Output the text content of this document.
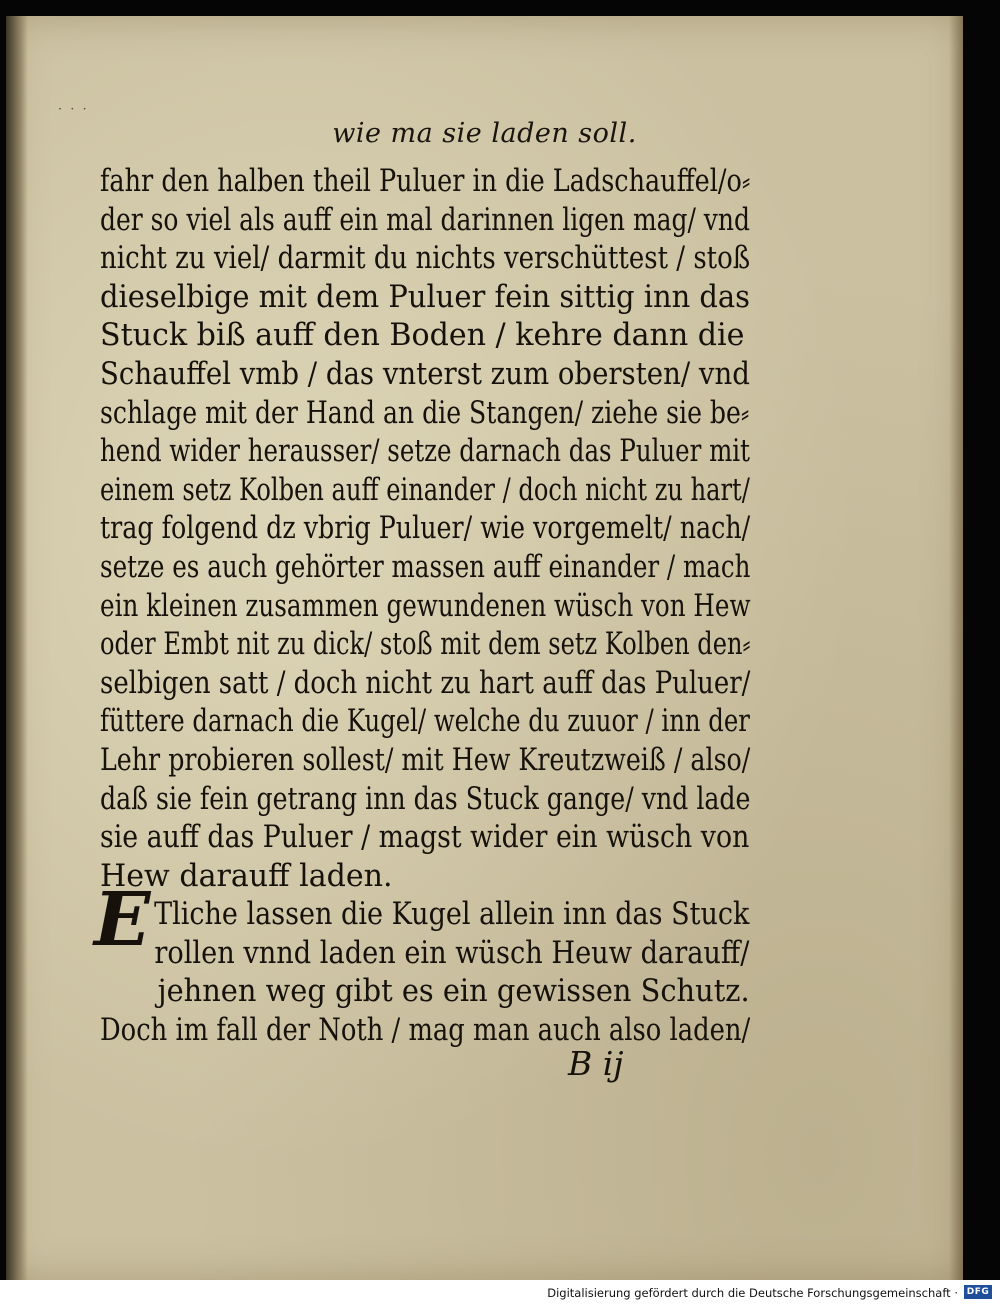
· · ·
wie ma sie laden soll.
E
fahr den halben theil Puluer in die Ladschauffel/o⸗
der so viel als auff ein mal darinnen ligen mag/ vnd
nicht zu viel/ darmit du nichts verschüttest / stoß
dieselbige mit dem Puluer fein sittig inn das
Stuck biß auff den Boden / kehre dann die
Schauffel vmb / das vnterst zum obersten/ vnd
schlage mit der Hand an die Stangen/ ziehe sie be⸗
hend wider herausser/ setze darnach das Puluer mit
einem setz Kolben auff einander / doch nicht zu hart/
trag folgend dz vbrig Puluer/ wie vorgemelt/ nach/
setze es auch gehörter massen auff einander / mach
ein kleinen zusammen gewundenen wüsch von Hew
oder Embt nit zu dick/ stoß mit dem setz Kolben den⸗
selbigen satt / doch nicht zu hart auff das Puluer/
füttere darnach die Kugel/ welche du zuuor / inn der
Lehr probieren sollest/ mit Hew Kreutzweiß / also/
daß sie fein getrang inn das Stuck gange/ vnd lade
sie auff das Puluer / magst wider ein wüsch von
Hew darauff laden.
Tliche lassen die Kugel allein inn das Stuck
rollen vnnd laden ein wüsch Heuw darauff/
jehnen weg gibt es ein gewissen Schutz.
Doch im fall der Noth / mag man auch also laden/
B ij
Digitalisierung gefördert durch die Deutsche Forschungsgemeinschaft · DFG
